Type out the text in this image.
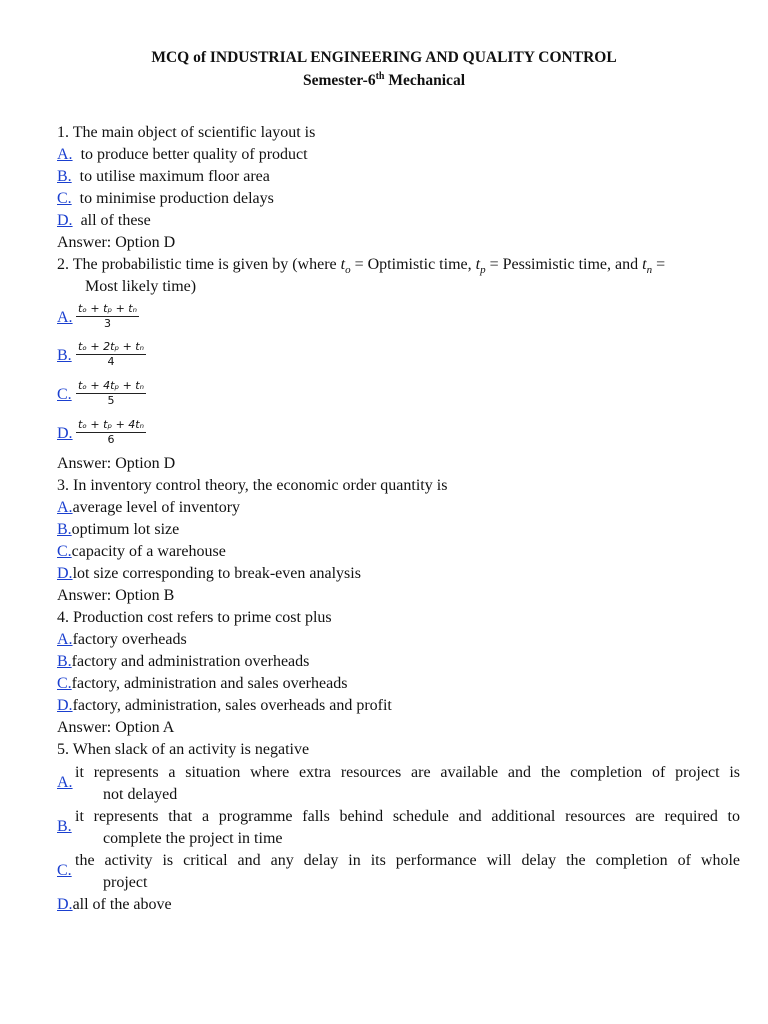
MCQ of INDUSTRIAL ENGINEERING AND QUALITY CONTROL
Semester-6th Mechanical
1. The main object of scientific layout is
A. to produce better quality of product
B. to utilise maximum floor area
C. to minimise production delays
D. all of these
Answer: Option D
2. The probabilistic time is given by (where $t_o$ = Optimistic time, $t_p$ = Pessimistic time, and $t_n$ =
Most likely time)
A. $\frac{\text{tₒ + tₚ + tₙ}}{3}$
B. $\frac{\text{tₒ + 2tₚ + tₙ}}{4}$
C. $\frac{\text{tₒ + 4tₚ + tₙ}}{5}$
D. $\frac{\text{tₒ + tₚ + 4tₙ}}{6}$
Answer: Option D
3. In inventory control theory, the economic order quantity is
A.average level of inventory
B.optimum lot size
C.capacity of a warehouse
D.lot size corresponding to break-even analysis
Answer: Option B
4. Production cost refers to prime cost plus
A.factory overheads
B.factory and administration overheads
C.factory, administration and sales overheads
D.factory, administration, sales overheads and profit
Answer: Option A
5. When slack of an activity is negative
A.
it represents a situation where extra resources are available and the completion of project is
not delayed
B.
it represents that a programme falls behind schedule and additional resources are required to
complete the project in time
C.
the activity is critical and any delay in its performance will delay the completion of whole
project
D.all of the above
